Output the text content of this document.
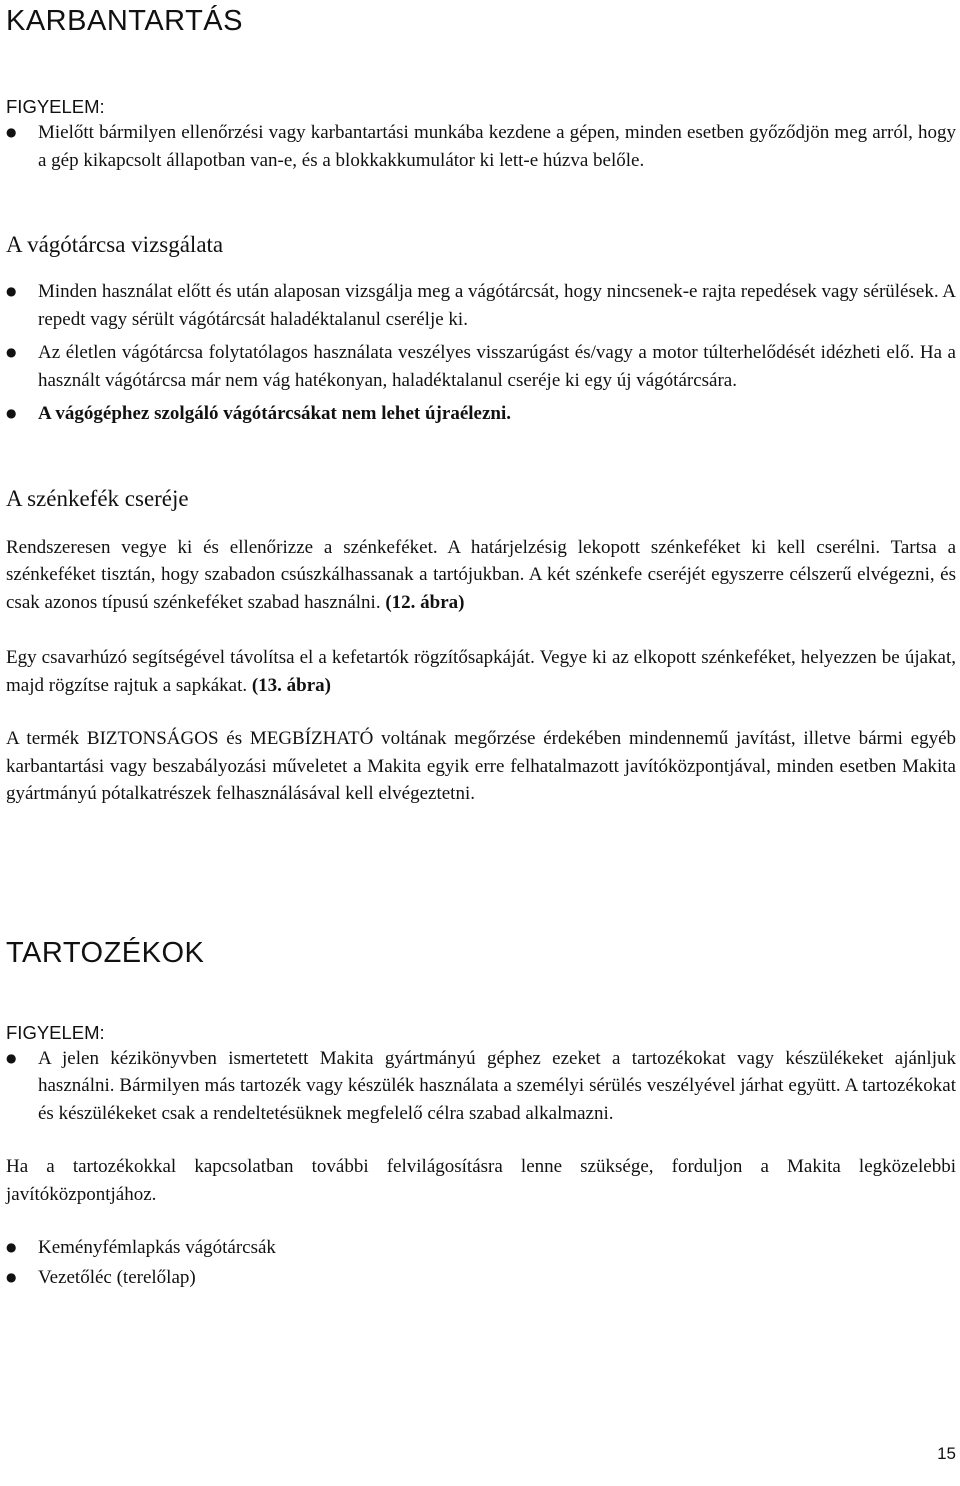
KARBANTARTÁS
FIGYELEM:
●	Mielőtt bármilyen ellenőrzési vagy karbantartási munkába kezdene a gépen, minden esetben győződjön meg arról, hogy a gép kikapcsolt állapotban van-e, és a blokkakkumulátor ki lett-e húzva belőle.
A vágótárcsa vizsgálata
●	Minden használat előtt és után alaposan vizsgálja meg a vágótárcsát, hogy nincsenek-e rajta repedések vagy sérülések. A repedt vagy sérült vágótárcsát haladéktalanul cserélje ki.
●	Az életlen vágótárcsa folytatólagos használata veszélyes visszarúgást és/vagy a motor túlterhelődését idézheti elő. Ha a használt vágótárcsa már nem vág hatékonyan, haladéktalanul cseréje ki egy új vágótárcsára.
●	A vágógéphez szolgáló vágótárcsákat nem lehet újraélezni.
A szénkefék cseréje

Rendszeresen vegye ki és ellenőrizze a szénkeféket. A határjelzésig lekopott szénkeféket ki kell cserélni. Tartsa a szénkeféket tisztán, hogy szabadon csúszkálhassanak a tartójukban. A két szénkefe cseréjét egyszerre célszerű elvégezni, és csak azonos típusú szénkeféket szabad használni. (12. ábra)

Egy csavarhúzó segítségével távolítsa el a kefetartók rögzítősapkáját. Vegye ki az elkopott szénkeféket, helyezzen be újakat, majd rögzítse rajtuk a sapkákat. (13. ábra)

A termék BIZTONSÁGOS és MEGBÍZHATÓ voltának megőrzése érdekében mindennemű javítást, illetve bármi egyéb karbantartási vagy beszabályozási műveletet a Makita egyik erre felhatalmazott javítóközpontjával, minden esetben Makita gyártmányú pótalkatrészek felhasználásával kell elvégeztetni.

TARTOZÉKOK
FIGYELEM:
●	A jelen kézikönyvben ismertetett Makita gyártmányú géphez ezeket a tartozékokat vagy készülékeket ajánljuk használni. Bármilyen más tartozék vagy készülék használata a személyi sérülés veszélyével járhat együtt. A tartozékokat és készülékeket csak a rendeltetésüknek megfelelő célra szabad alkalmazni.

Ha a tartozékokkal kapcsolatban további felvilágosításra lenne szüksége, forduljon a Makita legközelebbi javítóközpontjához.

●	Keményfémlapkás vágótárcsák
●	Vezetőléc (terelőlap)
15
